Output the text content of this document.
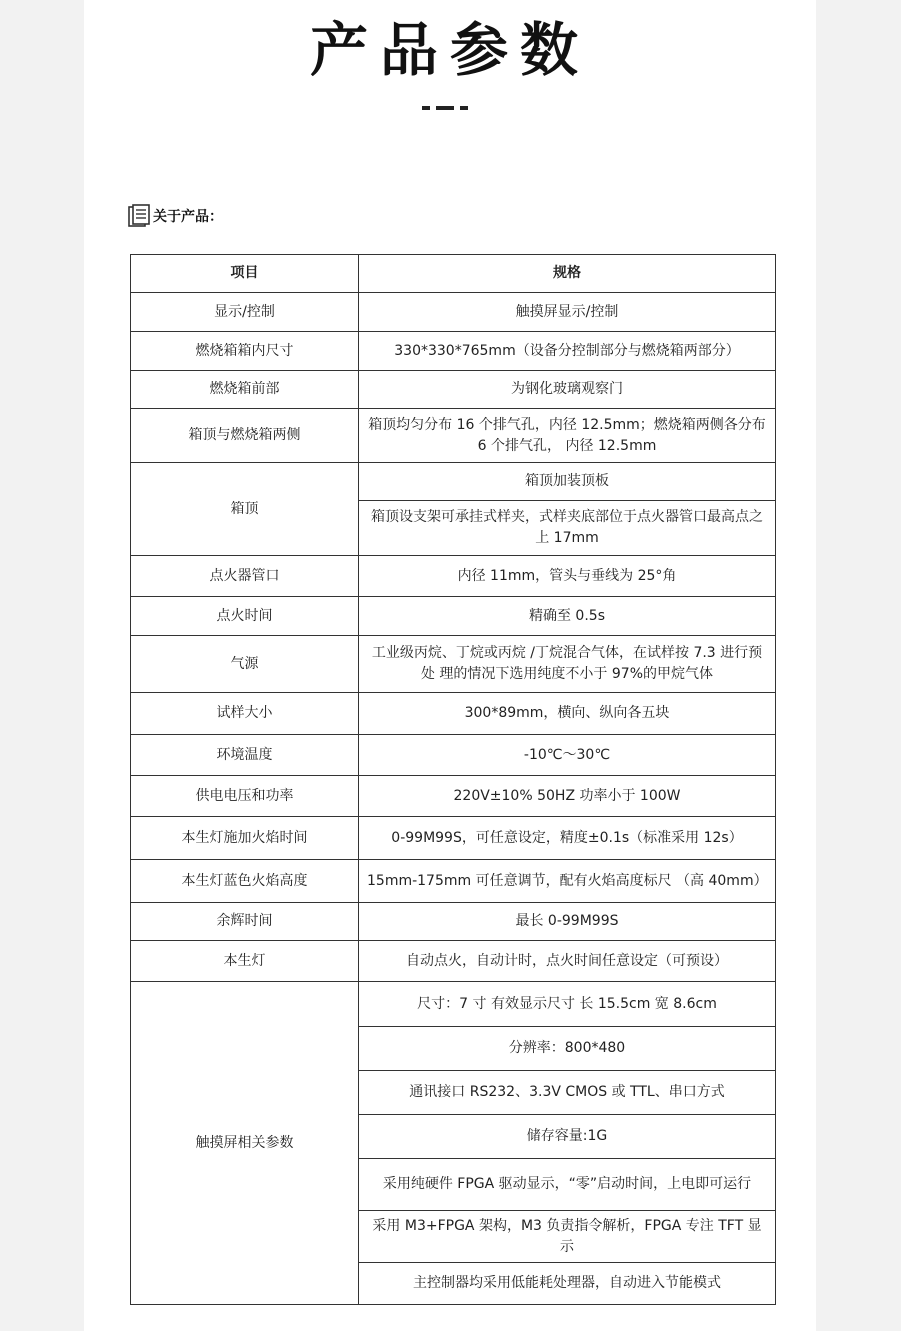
产品参数
关于产品：
项目	规格
显示/控制	触摸屏显示/控制
燃烧箱箱内尺寸	330*330*765mm（设备分控制部分与燃烧箱两部分）
燃烧箱前部	为钢化玻璃观察门
箱顶与燃烧箱两侧	箱顶均匀分布 16 个排气孔，内径 12.5mm；燃烧箱两侧各分布 6 个排气孔， 内径 12.5mm
箱顶	箱顶加装顶板
	箱顶设支架可承挂式样夹，式样夹底部位于点火器管口最高点之上 17mm
点火器管口	内径 11mm，管头与垂线为 25°角
点火时间	精确至 0.5s
气源	工业级丙烷、丁烷或丙烷 /丁烷混合气体，在试样按 7.3 进行预处 理的情况下选用纯度不小于 97%的甲烷气体
试样大小	300*89mm，横向、纵向各五块
环境温度	-10℃～30℃
供电电压和功率	220V±10% 50HZ 功率小于 100W
本生灯施加火焰时间	0-99M99S，可任意设定，精度±0.1s（标准采用 12s）
本生灯蓝色火焰高度	15mm-175mm 可任意调节，配有火焰高度标尺 （高 40mm）
余辉时间	最长 0-99M99S
本生灯	自动点火，自动计时，点火时间任意设定（可预设）
触摸屏相关参数	尺寸：7 寸 有效显示尺寸 长 15.5cm 宽 8.6cm
	分辨率：800*480
	通讯接口 RS232、3.3V CMOS 或 TTL、串口方式
	储存容量:1G
	采用纯硬件 FPGA 驱动显示，“零”启动时间，上电即可运行
	采用 M3+FPGA 架构，M3 负责指令解析，FPGA 专注 TFT 显示
	主控制器均采用低能耗处理器，自动进入节能模式
